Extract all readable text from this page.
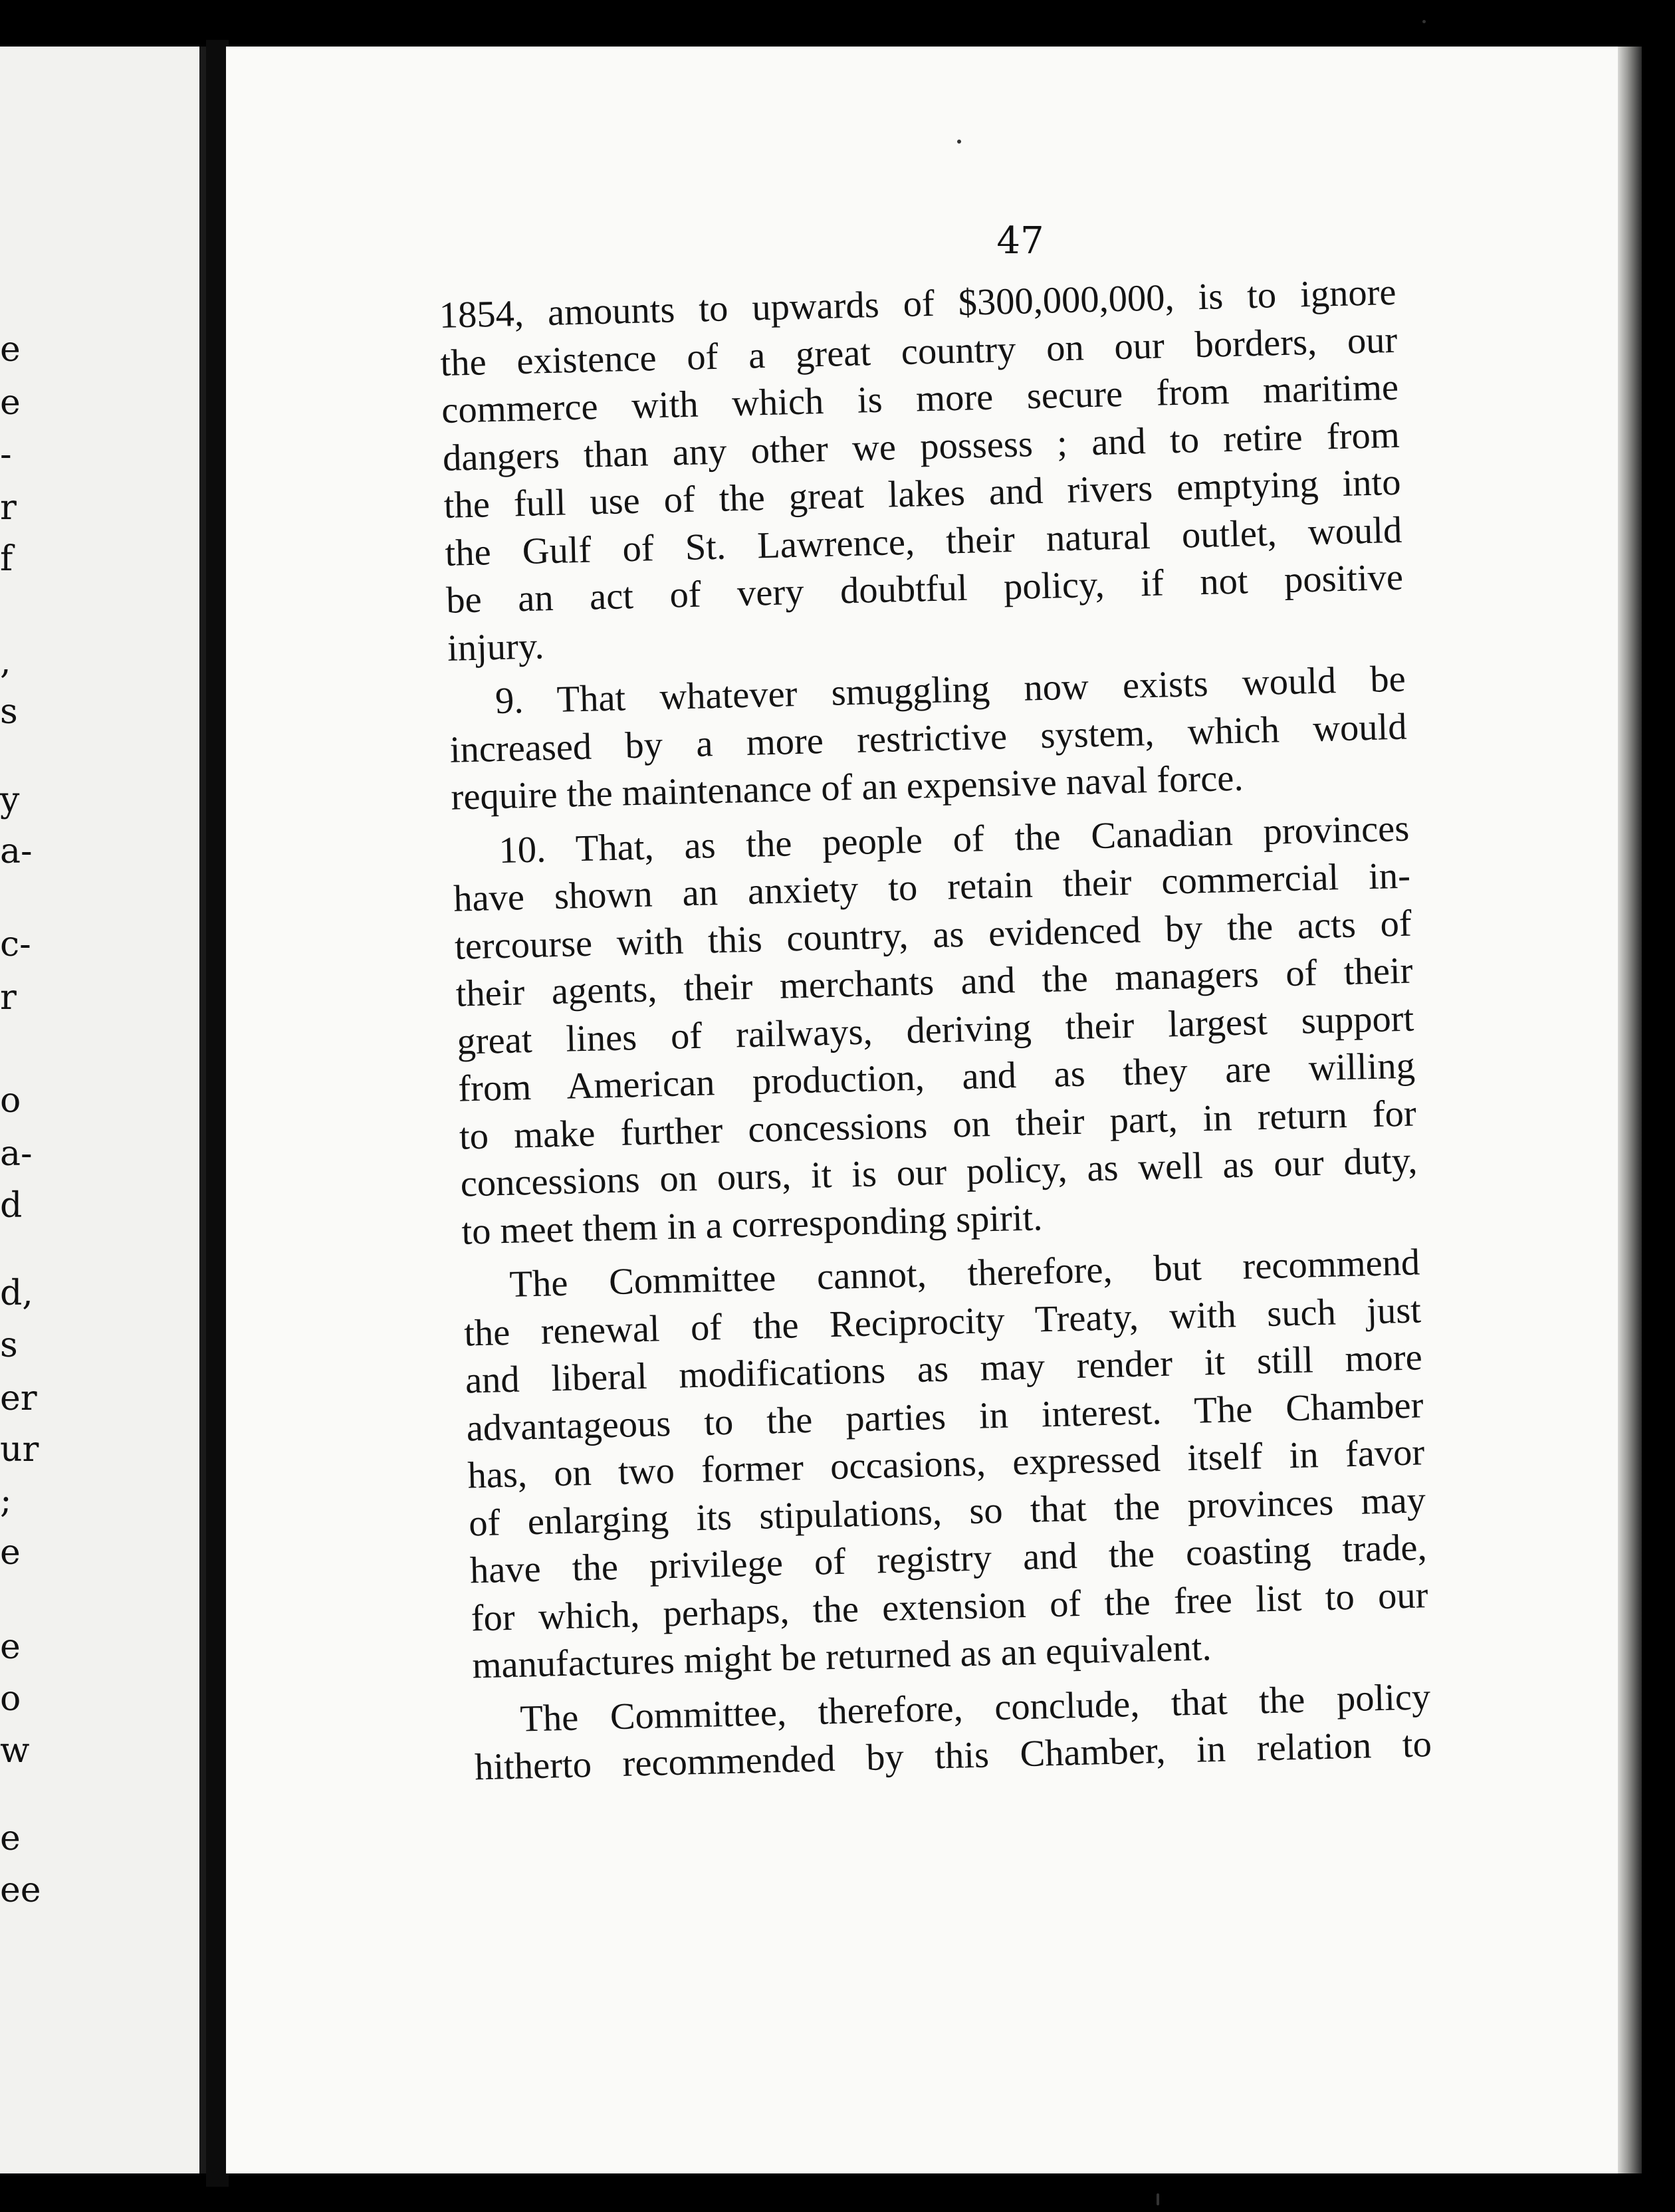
e
e
-
r
f
,
s
y
a-
c-
r
o
a-
d
d,
s
er
ur
;
e
e
o
w
e
ee
47
1854, amounts to upwards of $300,000,000, is to ignore
the existence of a great country on our borders, our
commerce with which is more secure from maritime
dangers than any other we possess ; and to retire from
the full use of the great lakes and rivers emptying into
the Gulf of St. Lawrence, their natural outlet, would
be an act of very doubtful policy, if not positive
injury.
9. That whatever smuggling now exists would be
increased by a more restrictive system, which would
require the maintenance of an expensive naval force.
10. That, as the people of the Canadian provinces
have shown an anxiety to retain their commercial in-
tercourse with this country, as evidenced by the acts of
their agents, their merchants and the managers of their
great lines of railways, deriving their largest support
from American production, and as they are willing
to make further concessions on their part, in return for
concessions on ours, it is our policy, as well as our duty,
to meet them in a corresponding spirit.
The Committee cannot, therefore, but recommend
the renewal of the Reciprocity Treaty, with such just
and liberal modifications as may render it still more
advantageous to the parties in interest. The Chamber
has, on two former occasions, expressed itself in favor
of enlarging its stipulations, so that the provinces may
have the privilege of registry and the coasting trade,
for which, perhaps, the extension of the free list to our
manufactures might be returned as an equivalent.
The Committee, therefore, conclude, that the policy
hitherto recommended by this Chamber, in relation to
